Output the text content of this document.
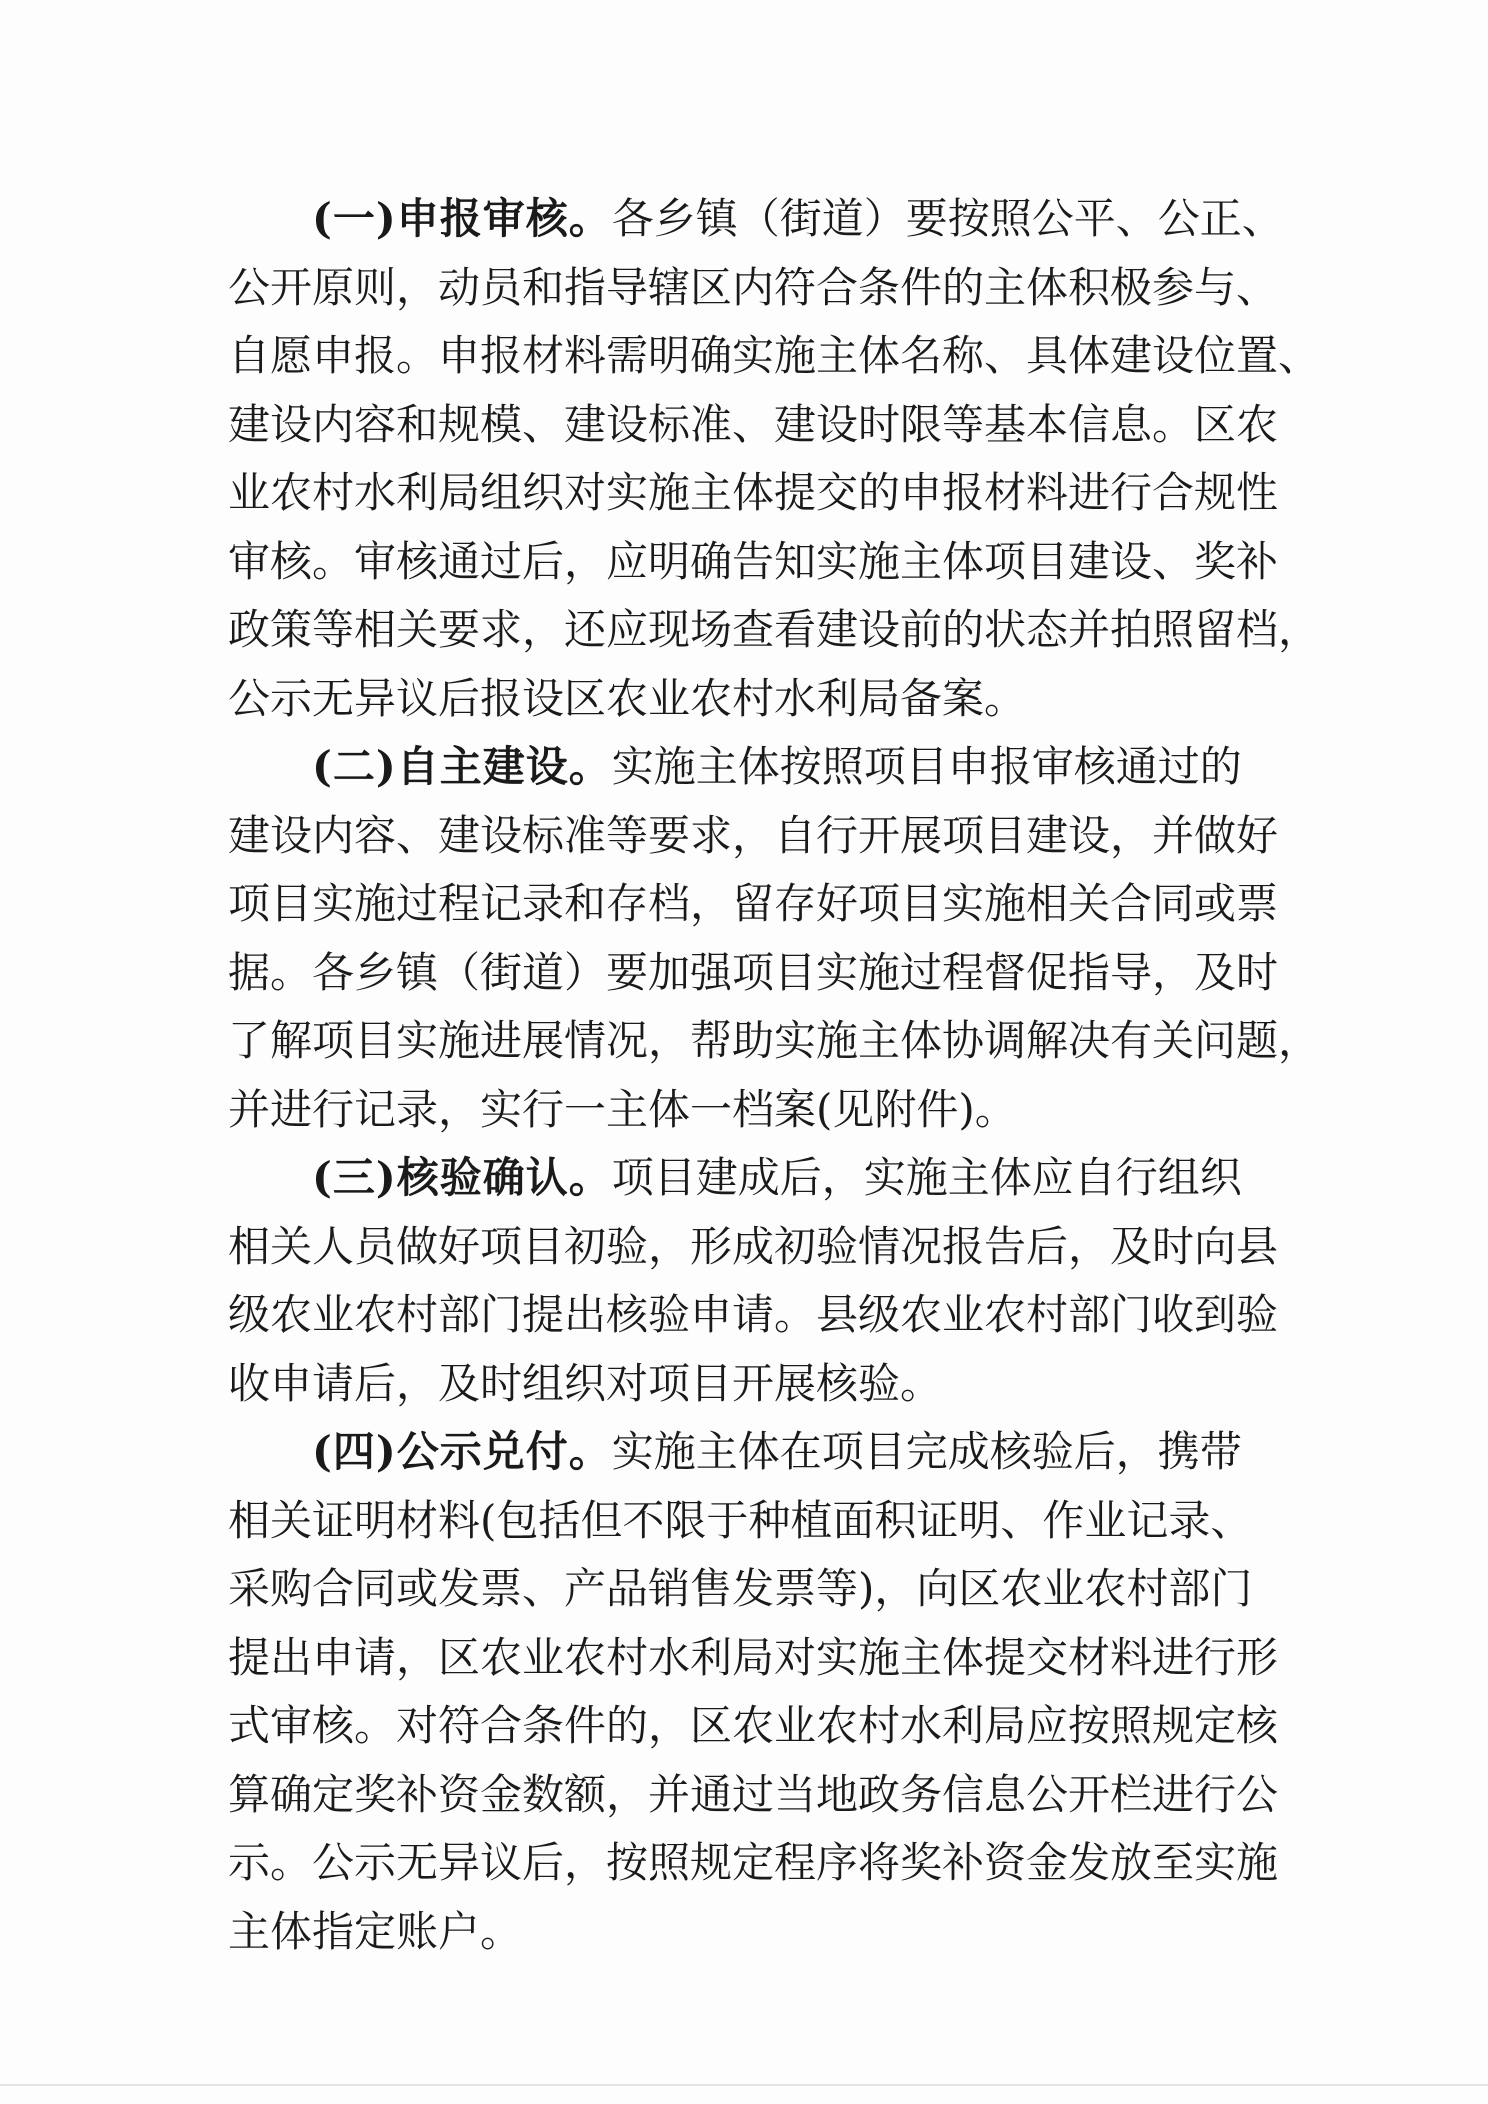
(一)申报审核。各乡镇（街道）要按照公平、公正、
公开原则，动员和指导辖区内符合条件的主体积极参与、
自愿申报。申报材料需明确实施主体名称、具体建设位置、
建设内容和规模、建设标准、建设时限等基本信息。区农
业农村水利局组织对实施主体提交的申报材料进行合规性
审核。审核通过后，应明确告知实施主体项目建设、奖补
政策等相关要求，还应现场查看建设前的状态并拍照留档，
公示无异议后报设区农业农村水利局备案。
(二)自主建设。实施主体按照项目申报审核通过的
建设内容、建设标准等要求，自行开展项目建设，并做好
项目实施过程记录和存档，留存好项目实施相关合同或票
据。各乡镇（街道）要加强项目实施过程督促指导，及时
了解项目实施进展情况，帮助实施主体协调解决有关问题，
并进行记录，实行一主体一档案(见附件)。
(三)核验确认。项目建成后，实施主体应自行组织
相关人员做好项目初验，形成初验情况报告后，及时向县
级农业农村部门提出核验申请。县级农业农村部门收到验
收申请后，及时组织对项目开展核验。
(四)公示兑付。实施主体在项目完成核验后，携带
相关证明材料(包括但不限于种植面积证明、作业记录、
采购合同或发票、产品销售发票等)，向区农业农村部门
提出申请，区农业农村水利局对实施主体提交材料进行形
式审核。对符合条件的，区农业农村水利局应按照规定核
算确定奖补资金数额，并通过当地政务信息公开栏进行公
示。公示无异议后，按照规定程序将奖补资金发放至实施
主体指定账户。
